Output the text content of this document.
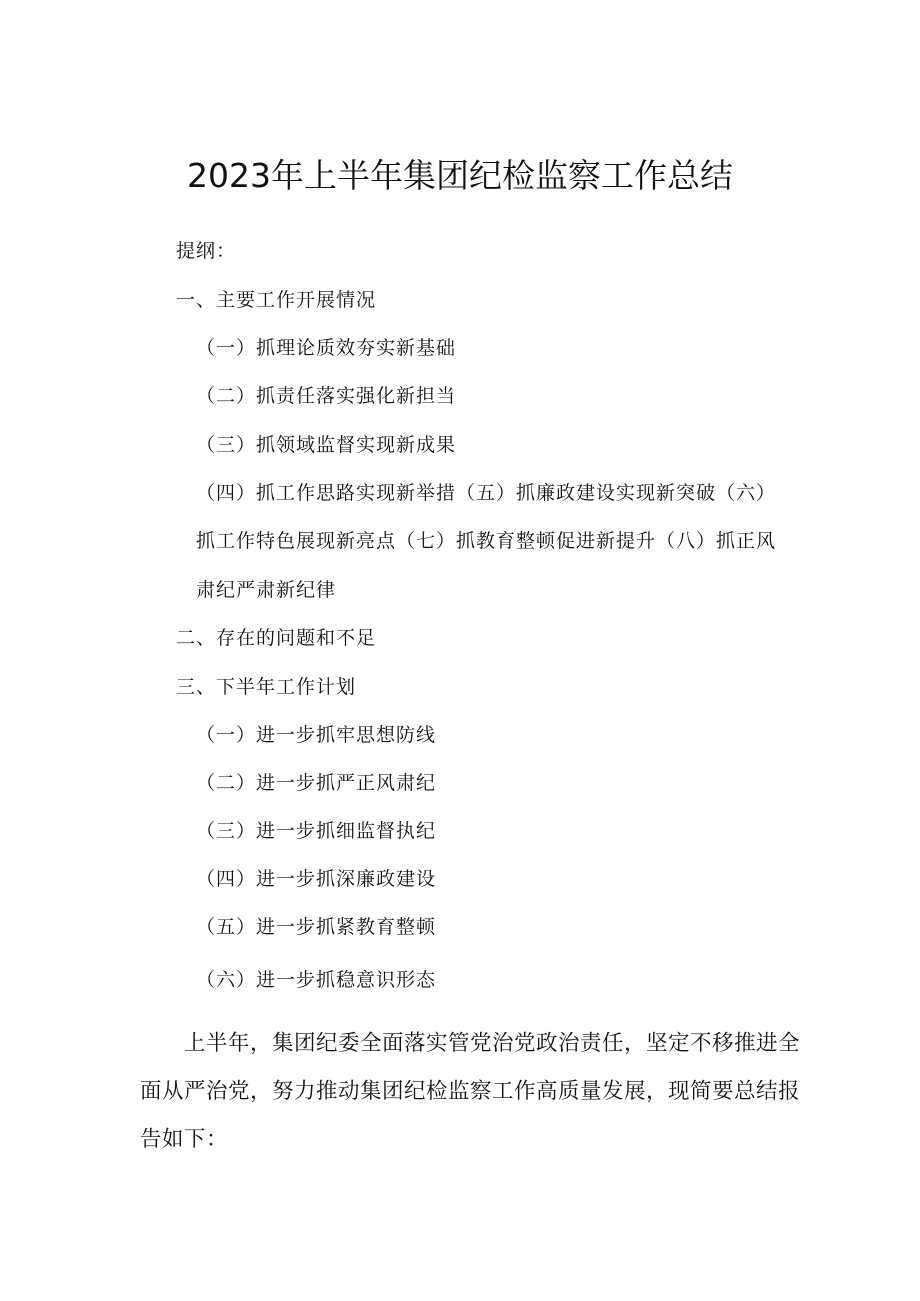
2023年上半年集团纪检监察工作总结
提纲：
一、主要工作开展情况
（一）抓理论质效夯实新基础
（二）抓责任落实强化新担当
（三）抓领域监督实现新成果
（四）抓工作思路实现新举措（五）抓廉政建设实现新突破（六）
抓工作特色展现新亮点（七）抓教育整顿促进新提升（八）抓正风
肃纪严肃新纪律
二、存在的问题和不足
三、下半年工作计划
（一）进一步抓牢思想防线
（二）进一步抓严正风肃纪
（三）进一步抓细监督执纪
（四）进一步抓深廉政建设
（五）进一步抓紧教育整顿
（六）进一步抓稳意识形态
上半年，集团纪委全面落实管党治党政治责任，坚定不移推进全面从严治党，努力推动集团纪检监察工作高质量发展，现简要总结报告如下：
